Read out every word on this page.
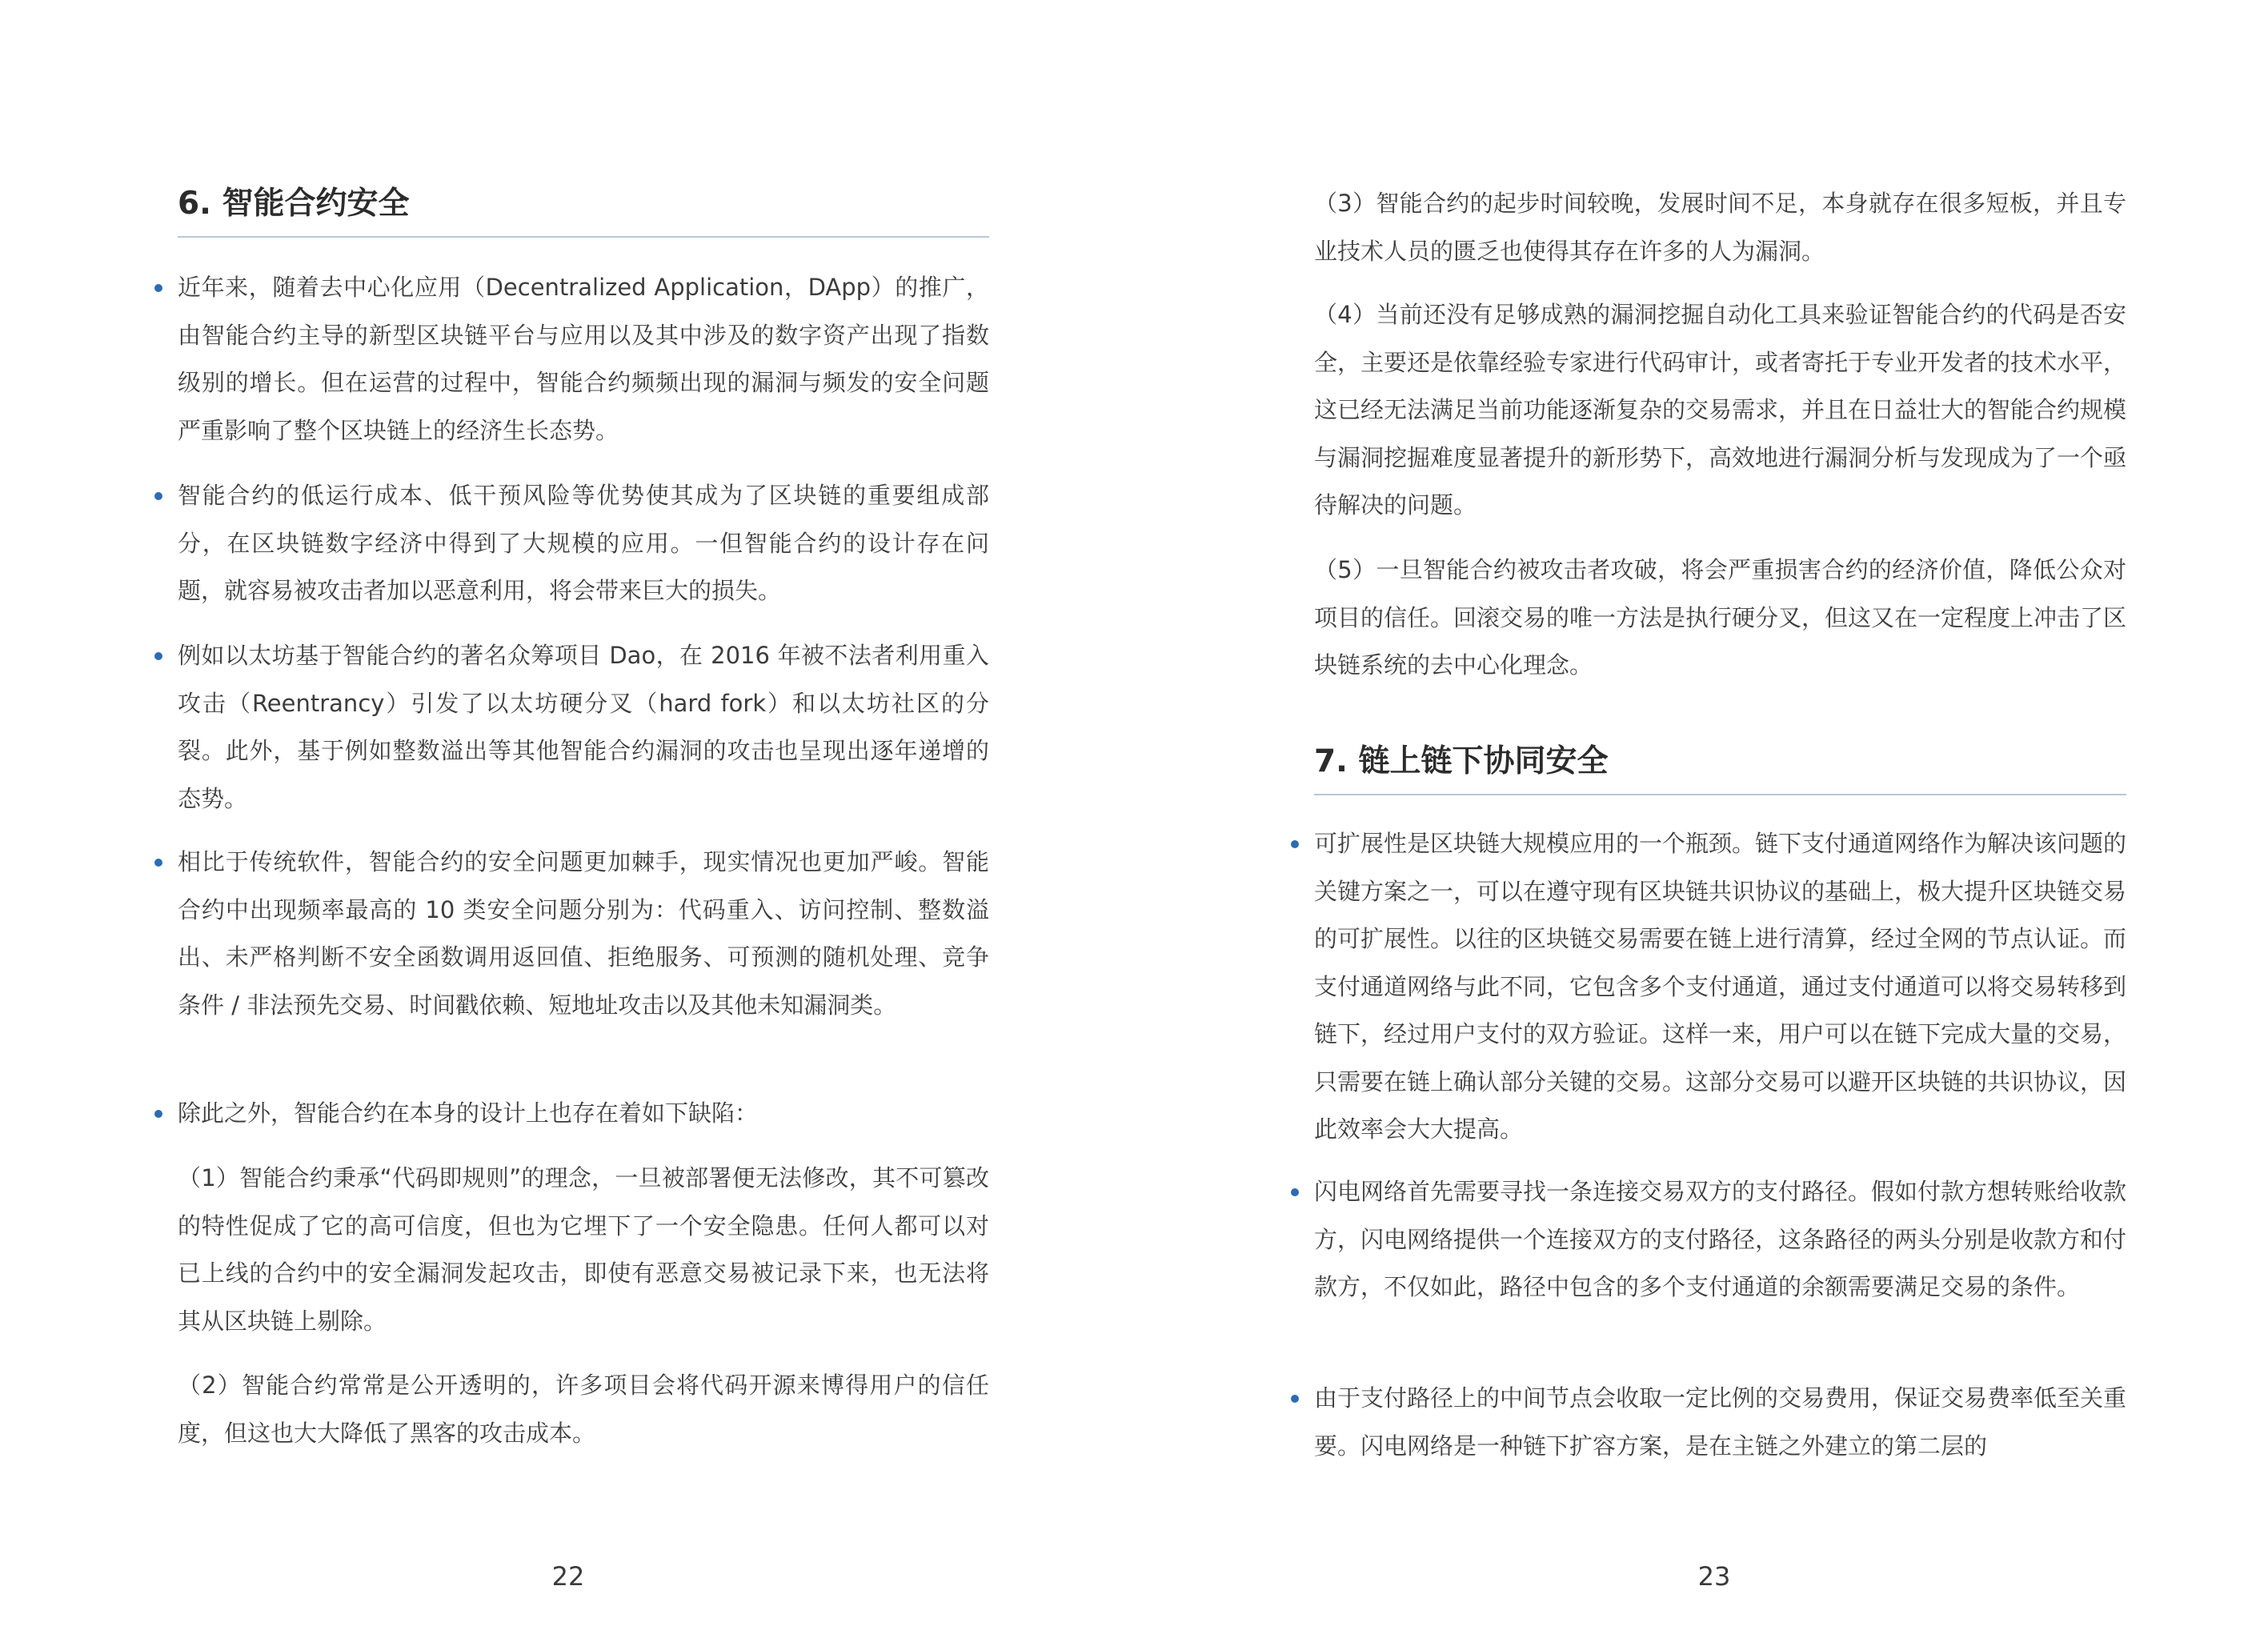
6. 智能合约安全
近年来，随着去中心化应用（Decentralized Application，DApp）的推广，由智能合约主导的新型区块链平台与应用以及其中涉及的数字资产出现了指数级别的增长。但在运营的过程中，智能合约频频出现的漏洞与频发的安全问题严重影响了整个区块链上的经济生长态势。
智能合约的低运行成本、低干预风险等优势使其成为了区块链的重要组成部分，在区块链数字经济中得到了大规模的应用。一但智能合约的设计存在问题，就容易被攻击者加以恶意利用，将会带来巨大的损失。
例如以太坊基于智能合约的著名众筹项目 Dao，在 2016 年被不法者利用重入攻击（Reentrancy）引发了以太坊硬分叉（hard fork）和以太坊社区的分裂。此外，基于例如整数溢出等其他智能合约漏洞的攻击也呈现出逐年递增的态势。
相比于传统软件，智能合约的安全问题更加棘手，现实情况也更加严峻。智能合约中出现频率最高的 10 类安全问题分别为：代码重入、访问控制、整数溢出、未严格判断不安全函数调用返回值、拒绝服务、可预测的随机处理、竞争条件 / 非法预先交易、时间戳依赖、短地址攻击以及其他未知漏洞类。
除此之外，智能合约在本身的设计上也存在着如下缺陷：
（1）智能合约秉承“代码即规则”的理念，一旦被部署便无法修改，其不可篡改的特性促成了它的高可信度，但也为它埋下了一个安全隐患。任何人都可以对已上线的合约中的安全漏洞发起攻击，即使有恶意交易被记录下来，也无法将其从区块链上剔除。
（2）智能合约常常是公开透明的，许多项目会将代码开源来博得用户的信任度，但这也大大降低了黑客的攻击成本。
22
（3）智能合约的起步时间较晚，发展时间不足，本身就存在很多短板，并且专业技术人员的匮乏也使得其存在许多的人为漏洞。
（4）当前还没有足够成熟的漏洞挖掘自动化工具来验证智能合约的代码是否安全，主要还是依靠经验专家进行代码审计，或者寄托于专业开发者的技术水平，这已经无法满足当前功能逐渐复杂的交易需求，并且在日益壮大的智能合约规模与漏洞挖掘难度显著提升的新形势下，高效地进行漏洞分析与发现成为了一个亟待解决的问题。
（5）一旦智能合约被攻击者攻破，将会严重损害合约的经济价值，降低公众对项目的信任。回滚交易的唯一方法是执行硬分叉，但这又在一定程度上冲击了区块链系统的去中心化理念。
7. 链上链下协同安全
可扩展性是区块链大规模应用的一个瓶颈。链下支付通道网络作为解决该问题的关键方案之一，可以在遵守现有区块链共识协议的基础上，极大提升区块链交易的可扩展性。以往的区块链交易需要在链上进行清算，经过全网的节点认证。而支付通道网络与此不同，它包含多个支付通道，通过支付通道可以将交易转移到链下，经过用户支付的双方验证。这样一来，用户可以在链下完成大量的交易，只需要在链上确认部分关键的交易。这部分交易可以避开区块链的共识协议，因此效率会大大提高。
闪电网络首先需要寻找一条连接交易双方的支付路径。假如付款方想转账给收款方，闪电网络提供一个连接双方的支付路径，这条路径的两头分别是收款方和付款方，不仅如此，路径中包含的多个支付通道的余额需要满足交易的条件。
由于支付路径上的中间节点会收取一定比例的交易费用，保证交易费率低至关重要。闪电网络是一种链下扩容方案，是在主链之外建立的第二层的
23
